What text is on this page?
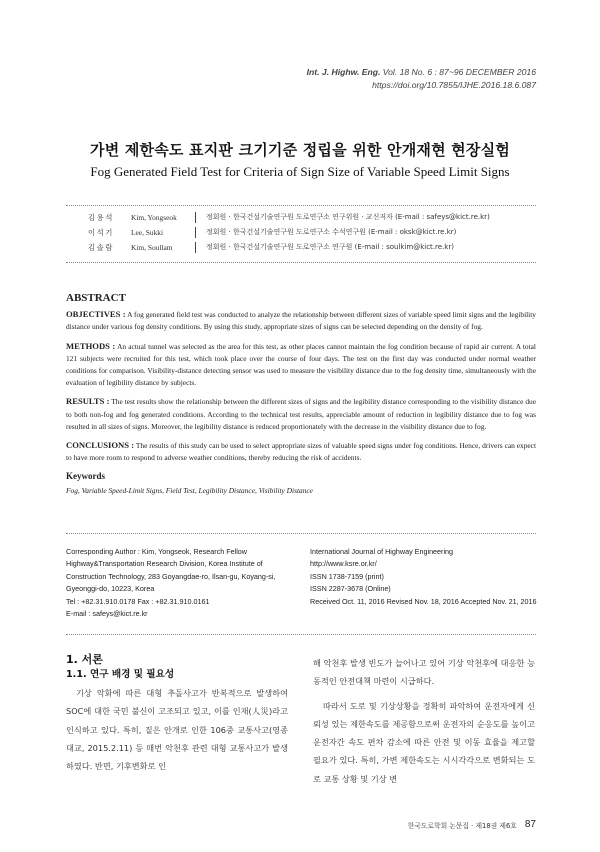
Int. J. Highw. Eng. Vol. 18 No. 6 : 87~96 DECEMBER 2016
https://doi.org/10.7855/IJHE.2016.18.6.087
가변 제한속도 표지판 크기기준 정립을 위한 안개재현 현장실험
Fog Generated Field Test for Criteria of Sign Size of Variable Speed Limit Signs
김용석	Kim, Yongseok	정회원 · 한국건설기술연구원 도로연구소 연구위원 · 교신저자 (E-mail : safeys@kict.re.kr)
이석기	Lee, Sukki	정회원 · 한국건설기술연구원 도로연구소 수석연구원 (E-mail : oksk@kict.re.kr)
김솔람	Kim, Soullam	정회원 · 한국건설기술연구원 도로연구소 연구원 (E-mail : soulkim@kict.re.kr)
ABSTRACT

OBJECTIVES : A fog generated field test was conducted to analyze the relationship between different sizes of variable speed limit signs and the legibility distance under various fog density conditions. By using this study, appropriate sizes of signs can be selected depending on the density of fog.

METHODS : An actual tunnel was selected as the area for this test, as other places cannot maintain the fog condition because of rapid air current. A total 121 subjects were recruited for this test, which took place over the course of four days. The test on the first day was conducted under normal weather conditions for comparison. Visibility-distance detecting sensor was used to measure the visibility distance due to the fog density time, simultaneously with the evaluation of legibility distance by subjects.

RESULTS : The test results show the relationship between the different sizes of signs and the legibility distance corresponding to the visibility distance due to both non-fog and fog generated conditions. According to the technical test results, appreciable amount of reduction in legibility distance due to fog was resulted in all sizes of signs. Moreover, the legibility distance is reduced proportionately with the decrease in the visibility distance due to fog.

CONCLUSIONS : The results of this study can be used to select appropriate sizes of valuable speed signs under fog conditions. Hence, drivers can expect to have more room to respond to adverse weather conditions, thereby reducing the risk of accidents.

Keywords
Fog, Variable Speed-Limit Signs, Field Test, Legibility Distance, Visibility Distance
Corresponding Author : Kim, Yongseok, Research Fellow
Highway&Transportation Research Division, Korea Institute of
Construction Technology, 283 Goyangdae-ro, Ilsan-gu, Koyang-si,
Gyeonggi-do, 10223, Korea
Tel : +82.31.910.0178 Fax : +82.31.910.0161
E-mail : safeys@kict.re.kr
International Journal of Highway Engineering
http://www.ksre.or.kr/
ISSN 1738-7159 (print)
ISSN 2287-3678 (Online)
Received Oct. 11, 2016 Revised Nov. 18, 2016 Accepted Nov. 21, 2016
1. 서론
1.1. 연구 배경 및 필요성

기상 악화에 따른 대형 추돌사고가 반복적으로 발생하여 SOC에 대한 국민 불신이 고조되고 있고, 이를 인재(人災)라고 인식하고 있다. 특히, 짙은 안개로 인한 106중 교통사고(영종대교, 2015.2.11) 등 매번 악천후 관련 대형 교통사고가 발생하였다. 반면, 기후변화로 인

해 악천후 발생 빈도가 늘어나고 있어 기상 악천후에 대응한 능동적인 안전대책 마련이 시급하다.

따라서 도로 및 기상상황을 정확히 파악하여 운전자에게 신뢰성 있는 제한속도를 제공함으로써 운전자의 순응도를 높이고 운전자간 속도 편차 감소에 따른 안전 및 이동 효율을 제고할 필요가 있다. 특히, 가변 제한속도는 시시각각으로 변화되는 도로 교통 상황 및 기상 변

한국도로학회 논문집 · 제18권 제6호 87
